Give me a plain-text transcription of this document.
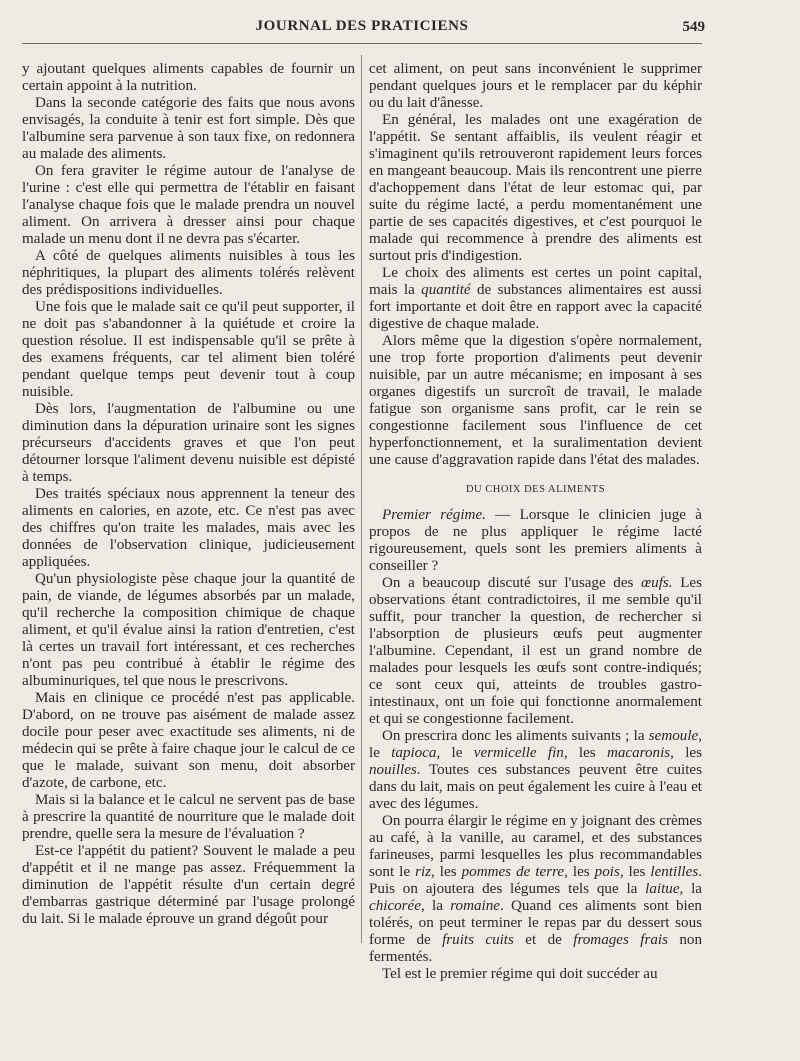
JOURNAL DES PRATICIENS	549

y ajoutant quelques aliments capables de fournir un certain appoint à la nutrition.

Dans la seconde catégorie des faits que nous avons envisagés, la conduite à tenir est fort simple. Dès que l'albumine sera parvenue à son taux fixe, on redonnera au malade des aliments.

On fera graviter le régime autour de l'analyse de l'urine : c'est elle qui permettra de l'établir en faisant l'analyse chaque fois que le malade prendra un nouvel aliment. On arrivera à dresser ainsi pour chaque malade un menu dont il ne devra pas s'écarter.

A côté de quelques aliments nuisibles à tous les néphritiques, la plupart des aliments tolérés relèvent des prédispositions individuelles.

Une fois que le malade sait ce qu'il peut supporter, il ne doit pas s'abandonner à la quiétude et croire la question résolue. Il est indispensable qu'il se prête à des examens fréquents, car tel aliment bien toléré pendant quelque temps peut devenir tout à coup nuisible.

Dès lors, l'augmentation de l'albumine ou une diminution dans la dépuration urinaire sont les signes précurseurs d'accidents graves et que l'on peut détourner lorsque l'aliment devenu nuisible est dépisté à temps.

Des traités spéciaux nous apprennent la teneur des aliments en calories, en azote, etc. Ce n'est pas avec des chiffres qu'on traite les malades, mais avec les données de l'observation clinique, judicieusement appliquées.

Qu'un physiologiste pèse chaque jour la quantité de pain, de viande, de légumes absorbés par un malade, qu'il recherche la composition chimique de chaque aliment, et qu'il évalue ainsi la ration d'entretien, c'est là certes un travail fort intéressant, et ces recherches n'ont pas peu contribué à établir le régime des albuminuriques, tel que nous le prescrivons.

Mais en clinique ce procédé n'est pas applicable. D'abord, on ne trouve pas aisément de malade assez docile pour peser avec exactitude ses aliments, ni de médecin qui se prête à faire chaque jour le calcul de ce que le malade, suivant son menu, doit absorber d'azote, de carbone, etc.

Mais si la balance et le calcul ne servent pas de base à prescrire la quantité de nourriture que le malade doit prendre, quelle sera la mesure de l'évaluation ?

Est-ce l'appétit du patient? Souvent le malade a peu d'appétit et il ne mange pas assez. Fréquemment la diminution de l'appétit résulte d'un certain degré d'embarras gastrique déterminé par l'usage prolongé du lait. Si le malade éprouve un grand dégoût pour

cet aliment, on peut sans inconvénient le supprimer pendant quelques jours et le remplacer par du képhir ou du lait d'ânesse.

En général, les malades ont une exagération de l'appétit. Se sentant affaiblis, ils veulent réagir et s'imaginent qu'ils retrouveront rapidement leurs forces en mangeant beaucoup. Mais ils rencontrent une pierre d'achoppement dans l'état de leur estomac qui, par suite du régime lacté, a perdu momentanément une partie de ses capacités digestives, et c'est pourquoi le malade qui recommence à prendre des aliments est surtout pris d'indigestion.

Le choix des aliments est certes un point capital, mais la quantité de substances alimentaires est aussi fort importante et doit être en rapport avec la capacité digestive de chaque malade.

Alors même que la digestion s'opère normalement, une trop forte proportion d'aliments peut devenir nuisible, par un autre mécanisme; en imposant à ses organes digestifs un surcroît de travail, le malade fatigue son organisme sans profit, car le rein se congestionne facilement sous l'influence de cet hyperfonctionnement, et la suralimentation devient une cause d'aggravation rapide dans l'état des malades.

DU CHOIX DES ALIMENTS

Premier régime. — Lorsque le clinicien juge à propos de ne plus appliquer le régime lacté rigoureusement, quels sont les premiers aliments à conseiller ?

On a beaucoup discuté sur l'usage des œufs. Les observations étant contradictoires, il me semble qu'il suffit, pour trancher la question, de rechercher si l'absorption de plusieurs œufs peut augmenter l'albumine. Cependant, il est un grand nombre de malades pour lesquels les œufs sont contre-indiqués; ce sont ceux qui, atteints de troubles gastro-intestinaux, ont un foie qui fonctionne anormalement et qui se congestionne facilement.

On prescrira donc les aliments suivants ; la semoule, le tapioca, le vermicelle fin, les macaronis, les nouilles. Toutes ces substances peuvent être cuites dans du lait, mais on peut également les cuire à l'eau et avec des légumes.

On pourra élargir le régime en y joignant des crèmes au café, à la vanille, au caramel, et des substances farineuses, parmi lesquelles les plus recommandables sont le riz, les pommes de terre, les pois, les lentilles. Puis on ajoutera des légumes tels que la laitue, la chicorée, la romaine. Quand ces aliments sont bien tolérés, on peut terminer le repas par du dessert sous forme de fruits cuits et de fromages frais non fermentés.

Tel est le premier régime qui doit succéder au
